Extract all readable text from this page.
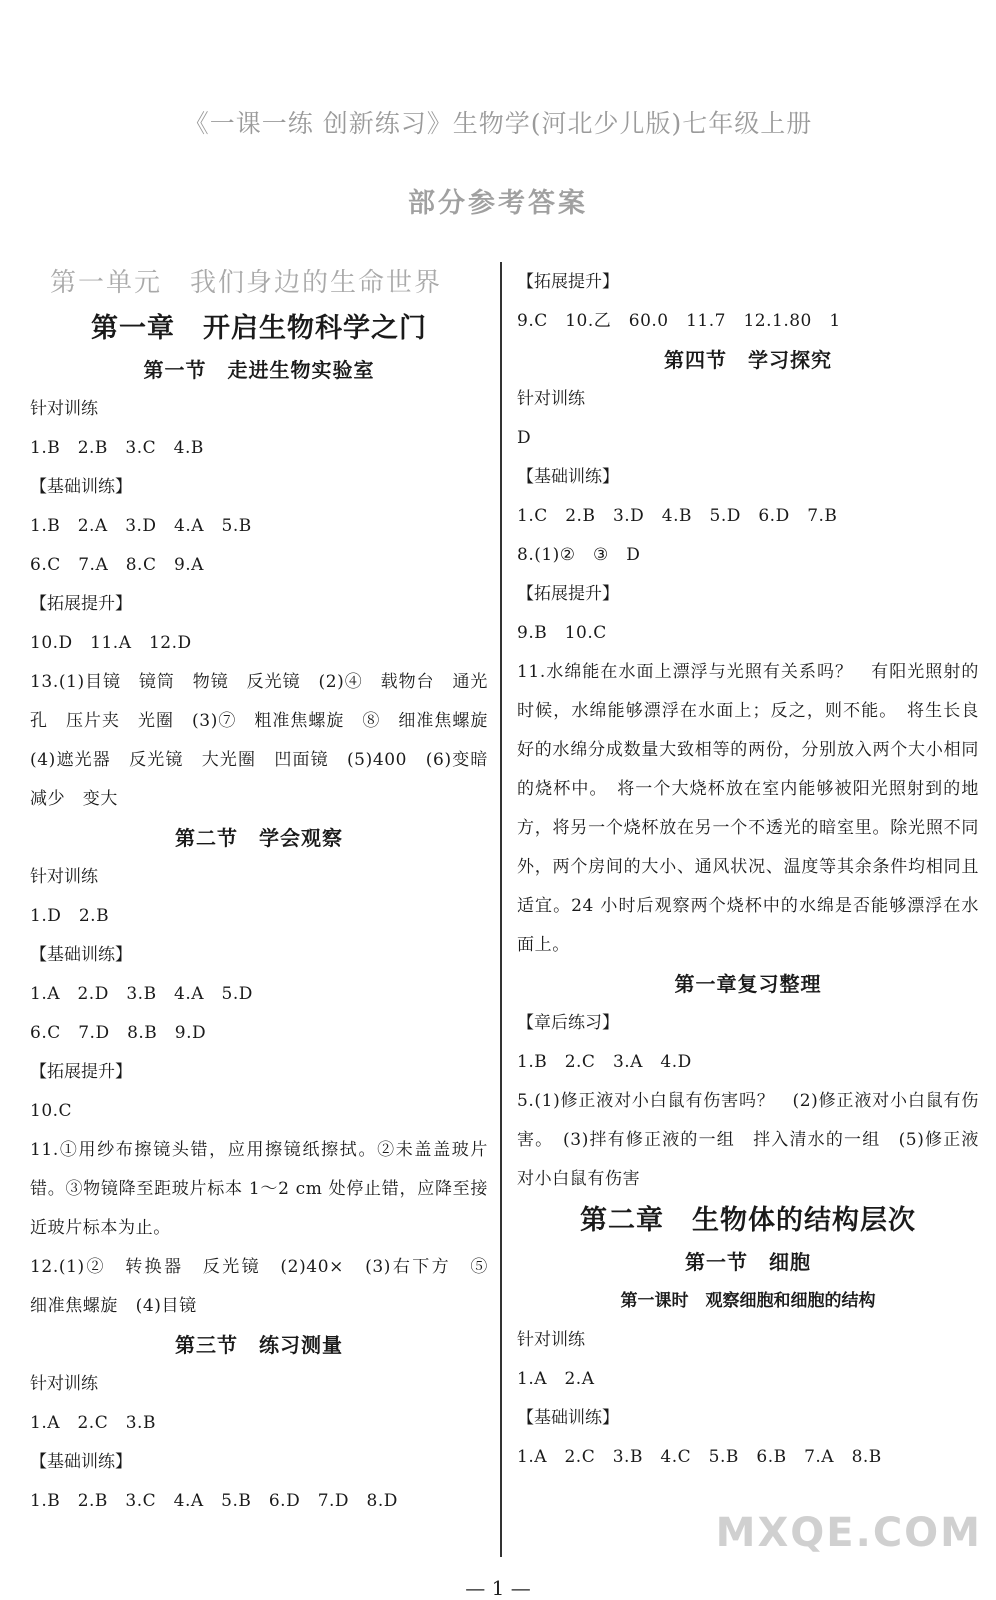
《一课一练 创新练习》生物学(河北少儿版)七年级上册
部分参考答案
第一单元　我们身边的生命世界
第一章　开启生物科学之门
第一节　走进生物实验室
针对训练
1.B　2.B　3.C　4.B
【基础训练】
1.B　2.A　3.D　4.A　5.B
6.C　7.A　8.C　9.A
【拓展提升】
10.D　11.A　12.D
13.(1)目镜　镜筒　物镜　反光镜　(2)④　载物台　通光孔　压片夹　光圈　(3)⑦　粗准焦螺旋　⑧　细准焦螺旋　(4)遮光器　反光镜　大光圈　凹面镜　(5)400　(6)变暗　减少　变大
第二节　学会观察
针对训练
1.D　2.B
【基础训练】
1.A　2.D　3.B　4.A　5.D
6.C　7.D　8.B　9.D
【拓展提升】
10.C
11.①用纱布擦镜头错，应用擦镜纸擦拭。②未盖盖玻片错。③物镜降至距玻片标本 1～2 cm 处停止错，应降至接近玻片标本为止。
12.(1)②　转换器　反光镜　(2)40×　(3)右下方　⑤　细准焦螺旋　(4)目镜
第三节　练习测量
针对训练
1.A　2.C　3.B
【基础训练】
1.B　2.B　3.C　4.A　5.B　6.D　7.D　8.D
【拓展提升】
9.C　10.乙　60.0　11.7　12.1.80　1
第四节　学习探究
针对训练
D
【基础训练】
1.C　2.B　3.D　4.B　5.D　6.D　7.B
8.(1)②　③　D
【拓展提升】
9.B　10.C
11.水绵能在水面上漂浮与光照有关系吗？　有阳光照射的时候，水绵能够漂浮在水面上；反之，则不能。　将生长良好的水绵分成数量大致相等的两份，分别放入两个大小相同的烧杯中。　将一个大烧杯放在室内能够被阳光照射到的地方，将另一个烧杯放在另一个不透光的暗室里。除光照不同外，两个房间的大小、通风状况、温度等其余条件均相同且适宜。24 小时后观察两个烧杯中的水绵是否能够漂浮在水面上。
第一章复习整理
【章后练习】
1.B　2.C　3.A　4.D
5.(1)修正液对小白鼠有伤害吗？　(2)修正液对小白鼠有伤害。　(3)拌有修正液的一组　拌入清水的一组　(5)修正液对小白鼠有伤害
第二章　生物体的结构层次
第一节　细胞
第一课时　观察细胞和细胞的结构
针对训练
1.A　2.A
【基础训练】
1.A　2.C　3.B　4.C　5.B　6.B　7.A　8.B
MXQE.COM
— 1 —
